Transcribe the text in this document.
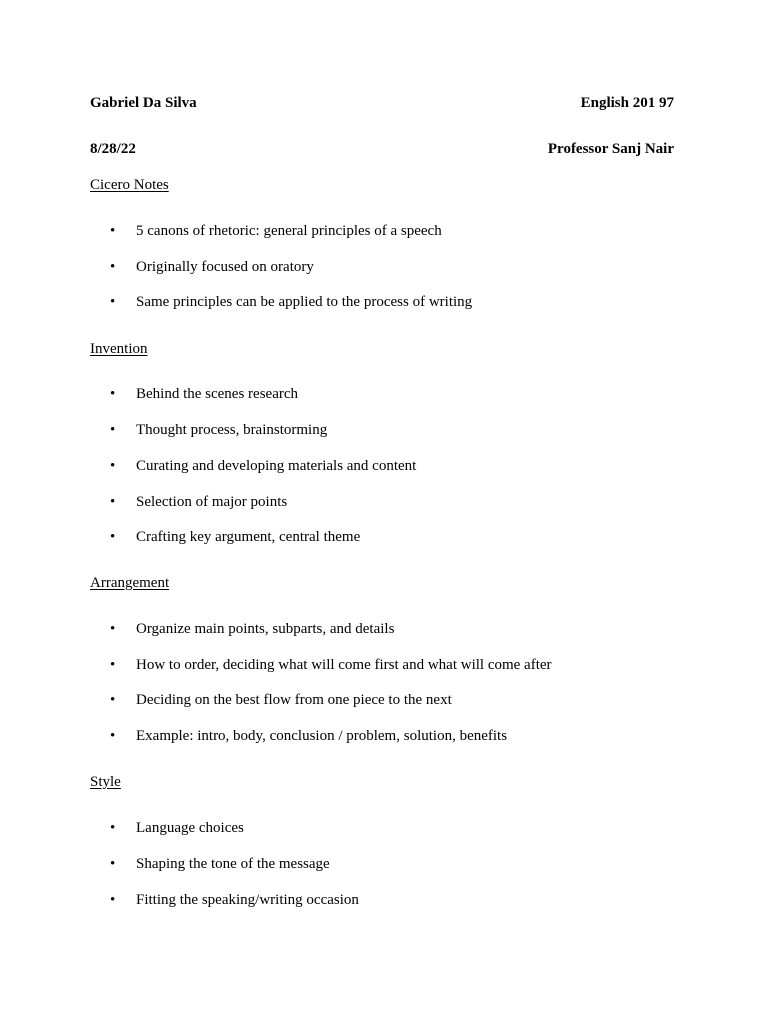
Gabriel Da Silva	English 201 97
8/28/22	Professor Sanj Nair
Cicero Notes
• 5 canons of rhetoric: general principles of a speech
• Originally focused on oratory
• Same principles can be applied to the process of writing
Invention
• Behind the scenes research
• Thought process, brainstorming
• Curating and developing materials and content
• Selection of major points
• Crafting key argument, central theme
Arrangement
• Organize main points, subparts, and details
• How to order, deciding what will come first and what will come after
• Deciding on the best flow from one piece to the next
• Example: intro, body, conclusion / problem, solution, benefits
Style
• Language choices
• Shaping the tone of the message
• Fitting the speaking/writing occasion
